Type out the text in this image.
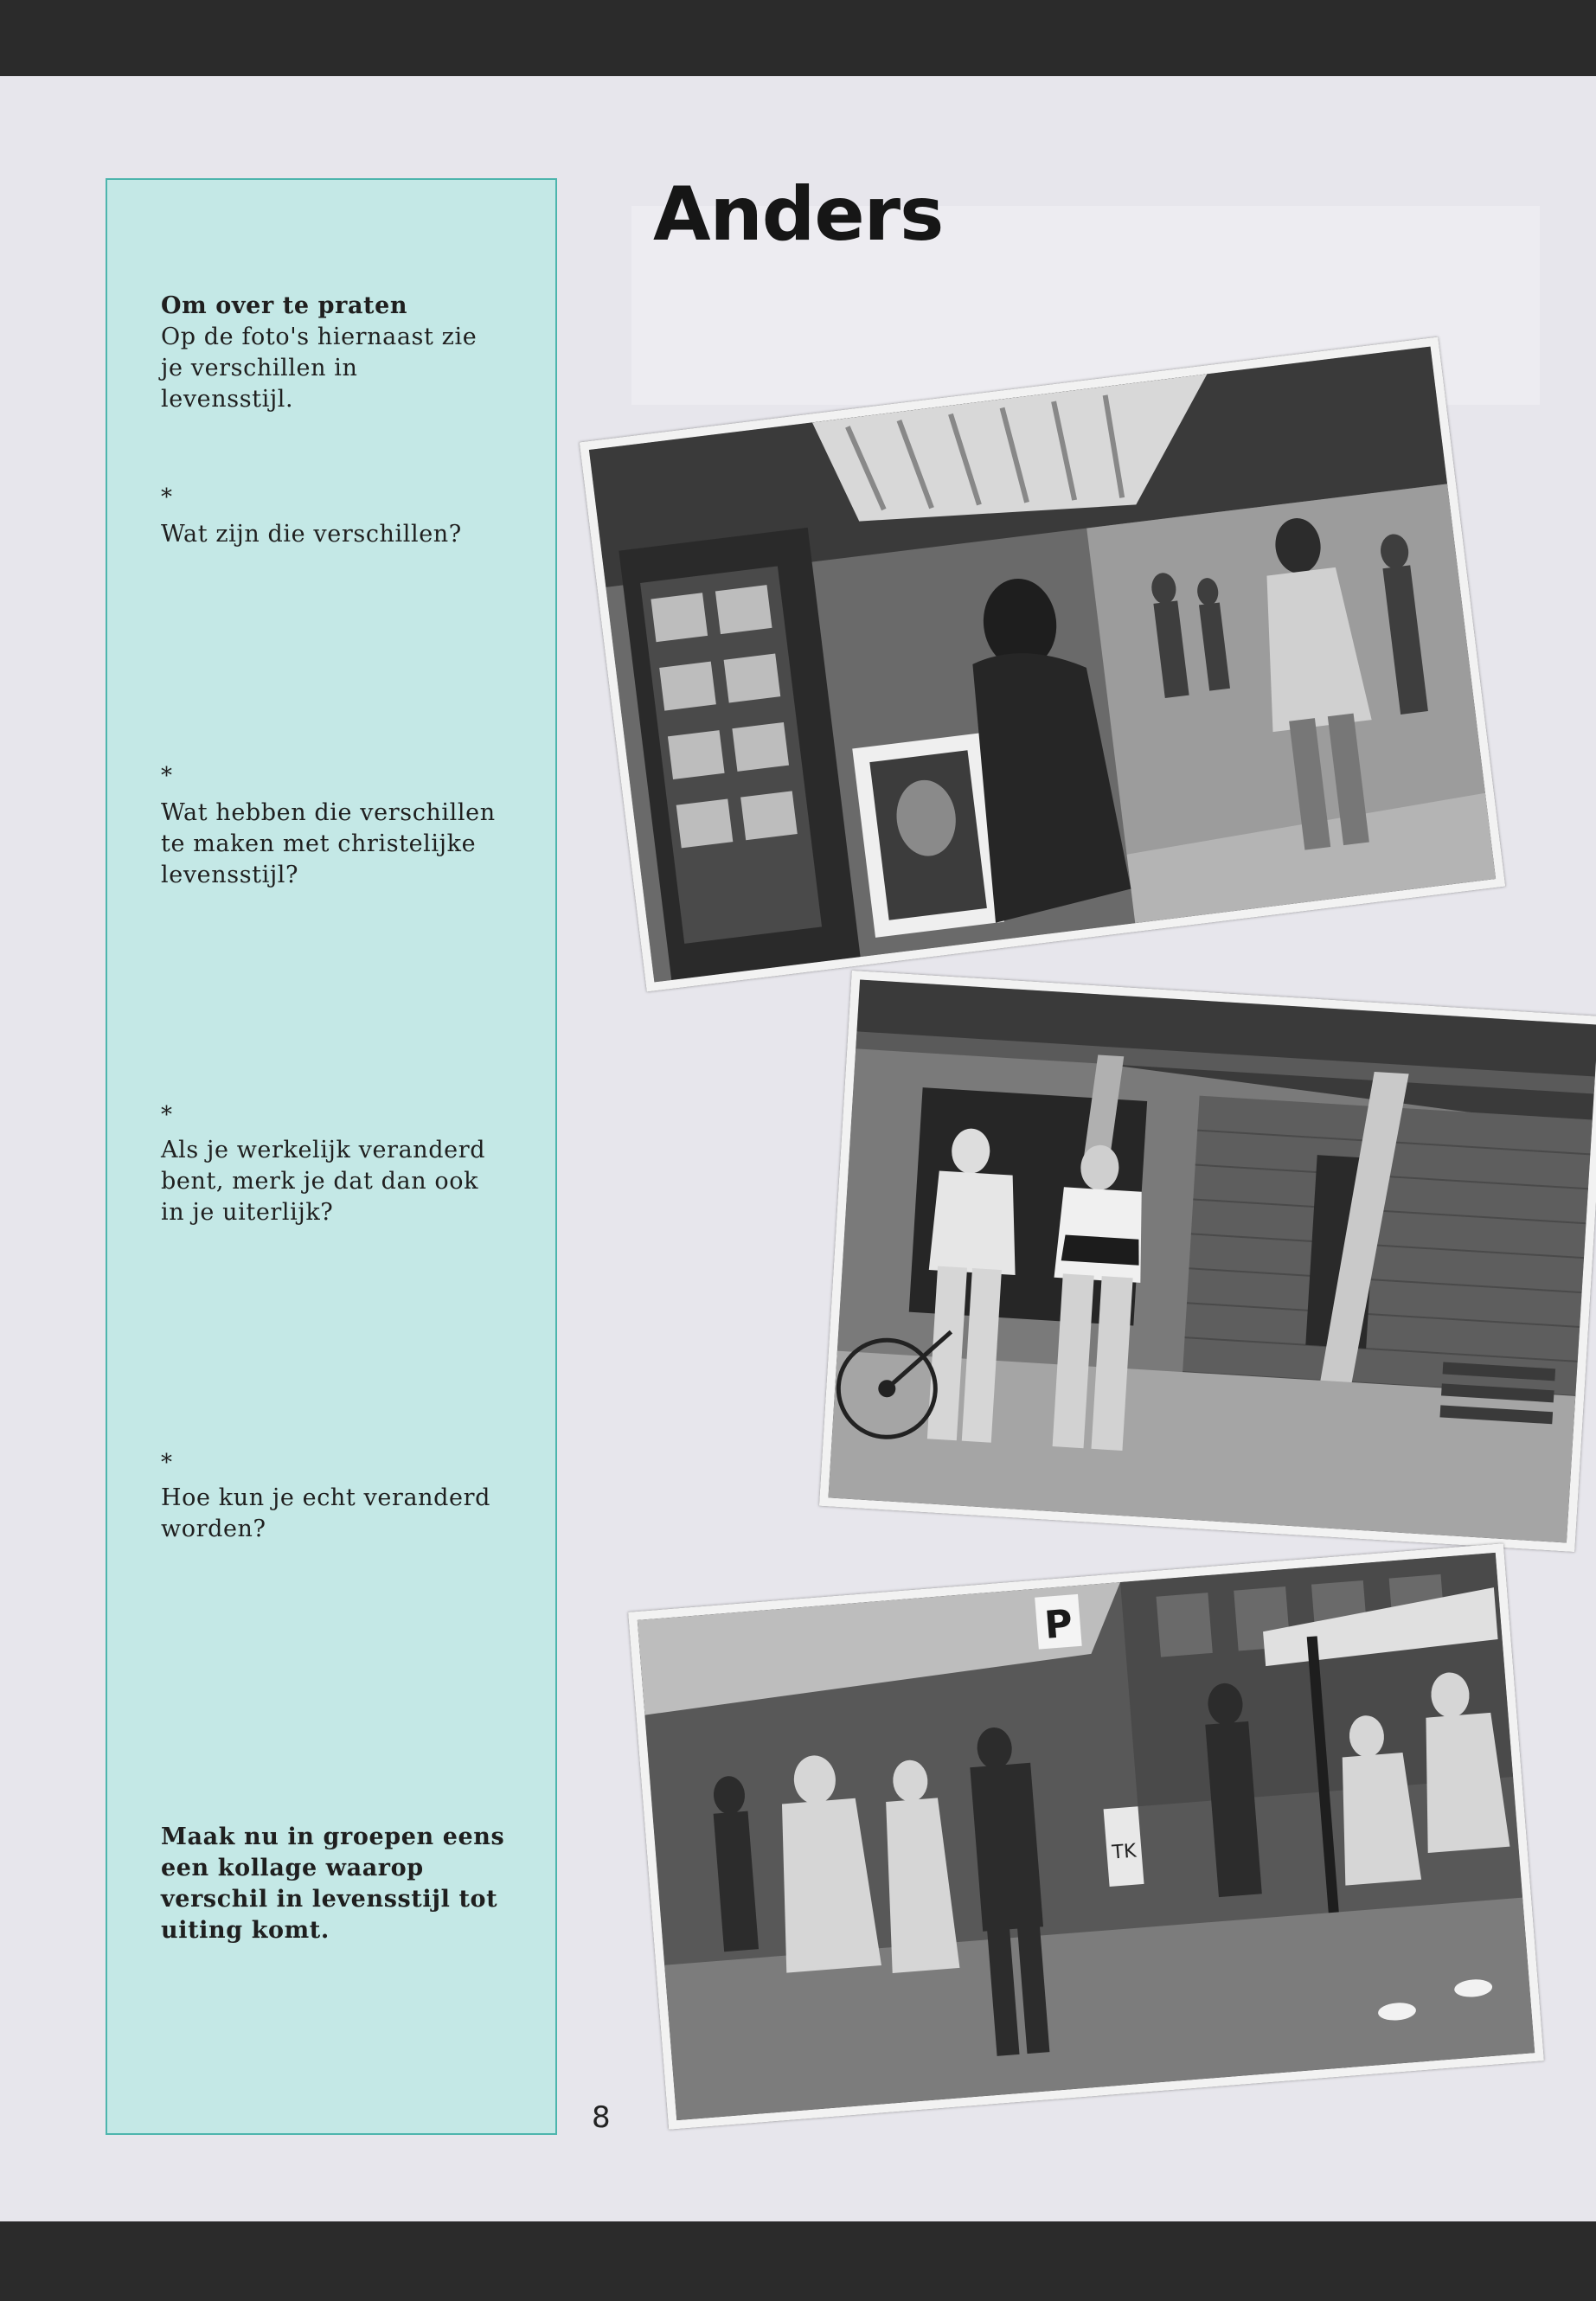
Om over te praten
Op de foto's hiernaast zie je verschillen in levensstijl.
*
Wat zijn die verschillen?
*
Wat hebben die verschillen te maken met christelijke levensstijl?
*
Als je werkelijk veranderd bent, merk je dat dan ook in je uiterlijk?
*
Hoe kun je echt veranderd worden?
Maak nu in groepen eens een kollage waarop verschil in levensstijl tot uiting komt.
Anders
P
TK
8
